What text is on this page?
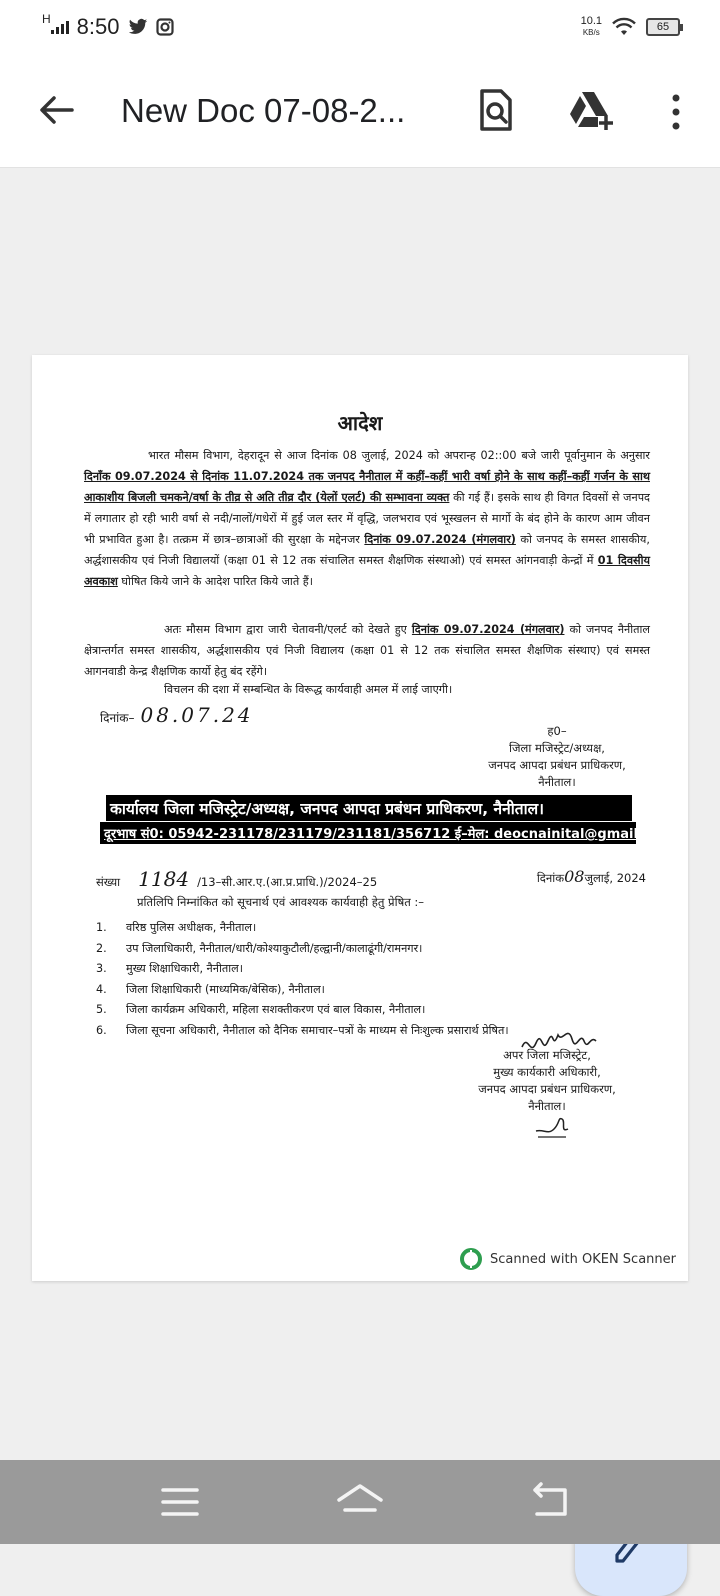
H 8:50	10.1
KB/s	65
New Doc 07-08-2...
आदेश
भारत मौसम विभाग, देहरादून से आज दिनांक 08 जुलाई, 2024 को अपरान्ह 02::00 बजे जारी पूर्वानुमान के अनुसार दिनाँक 09.07.2024 से दिनांक 11.07.2024 तक जनपद नैनीताल में कहीं–कहीं भारी वर्षा होने के साथ कहीं–कहीं गर्जन के साथ आकाशीय बिजली चमकने/वर्षा के तीव्र से अति तीव्र दौर (येलों एलर्ट) की सम्भावना व्यक्त की गई हैं। इसके साथ ही विगत दिवसों से जनपद में लगातार हो रही भारी वर्षा से नदी/नालों/गधेरों में हुई जल स्तर में वृद्धि, जलभराव एवं भूस्खलन से मार्गो के बंद होने के कारण आम जीवन भी प्रभावित हुआ है। तत्क्रम में छात्र–छात्राओं की सुरक्षा के मद्देनजर दिनांक 09.07.2024 (मंगलवार) को जनपद के समस्त शासकीय, अर्द्धशासकीय एवं निजी विद्यालयों (कक्षा 01 से 12 तक संचालित समस्त शैक्षणिक संस्थाओ) एवं समस्त आंगनवाड़ी केन्द्रों में 01 दिवसीय अवकाश घोषित किये जाने के आदेश पारित किये जाते हैं।
अतः मौसम विभाग द्वारा जारी चेतावनी/एलर्ट को देखते हुए दिनांक 09.07.2024 (मंगलवार) को जनपद नैनीताल क्षेत्रान्तर्गत समस्त शासकीय, अर्द्धशासकीय एवं निजी विद्यालय (कक्षा 01 से 12 तक संचालित समस्त शैक्षणिक संस्थाए) एवं समस्त आगनवाडी केन्द्र शैक्षणिक कार्यो हेतु बंद रहेंगे।
विचलन की दशा में सम्बन्धित के विरूद्ध कार्यवाही अमल में लाई जाएगी।
दिनांक– 08.07.24
ह0–
जिला मजिस्ट्रेट/अध्यक्ष,
जनपद आपदा प्रबंधन प्राधिकरण,
नैनीताल।
कार्यालय जिला मजिस्ट्रेट/अध्यक्ष, जनपद आपदा प्रबंधन प्राधिकरण, नैनीताल।
दूरभाष सं0: 05942-231178/231179/231181/356712 ई–मेल: deocnainital@gmail.com
संख्या 1184 /13–सी.आर.ए.(आ.प्र.प्राधि.)/2024–25	दिनांक08जुलाई, 2024
प्रतिलिपि निम्नांकित को सूचनार्थ एवं आवश्यक कार्यवाही हेतु प्रेषित :–
1.	वरिष्ठ पुलिस अधीक्षक, नैनीताल।
2.	उप जिलाधिकारी, नैनीताल/धारी/कोश्याकुटौली/हल्द्वानी/कालाढूंगी/रामनगर।
3.	मुख्य शिक्षाधिकारी, नैनीताल।
4.	जिला शिक्षाधिकारी (माध्यमिक/बेसिक), नैनीताल।
5.	जिला कार्यक्रम अधिकारी, महिला सशक्तीकरण एवं बाल विकास, नैनीताल।
6.	जिला सूचना अधिकारी, नैनीताल को दैनिक समाचार–पत्रों के माध्यम से निःशुल्क प्रसारार्थ प्रेषित।
अपर जिला मजिस्ट्रेट,
मुख्य कार्यकारी अधिकारी,
जनपद आपदा प्रबंधन प्राधिकरण,
नैनीताल।
Scanned with OKEN Scanner
